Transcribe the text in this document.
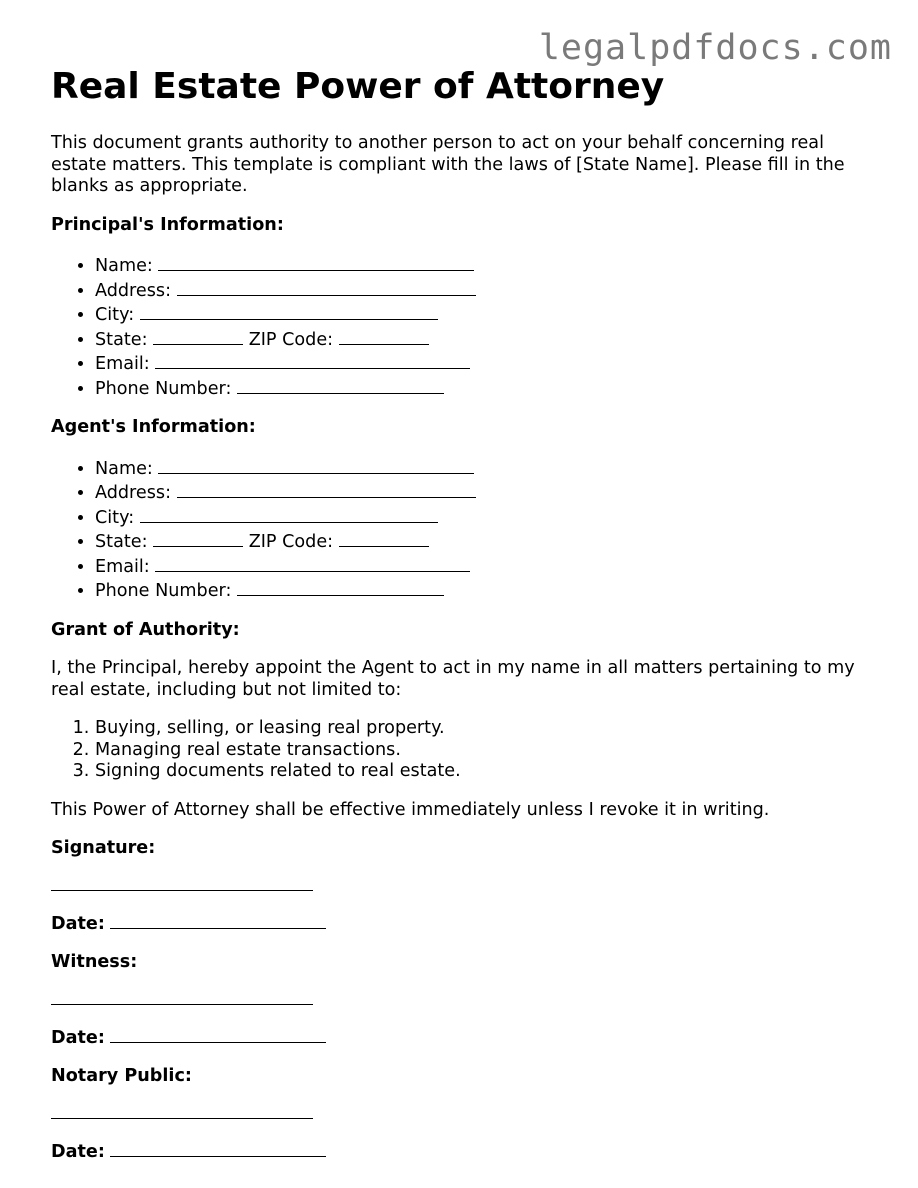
legalpdfdocs.com
Real Estate Power of Attorney

This document grants authority to another person to act on your behalf concerning real estate matters. This template is compliant with the laws of [State Name]. Please fill in the blanks as appropriate.

Principal's Information:
• Name:
• Address:
• City:
• State:	ZIP Code:
• Email:
• Phone Number:
Agent's Information:
• Name:
• Address:
• City:
• State:	ZIP Code:
• Email:
• Phone Number:
Grant of Authority:

I, the Principal, hereby appoint the Agent to act in my name in all matters pertaining to my real estate, including but not limited to:

1. Buying, selling, or leasing real property.
2. Managing real estate transactions.
3. Signing documents related to real estate.

This Power of Attorney shall be effective immediately unless I revoke it in writing.

Signature:
Date:
Witness:
Date:
Notary Public:
Date:
